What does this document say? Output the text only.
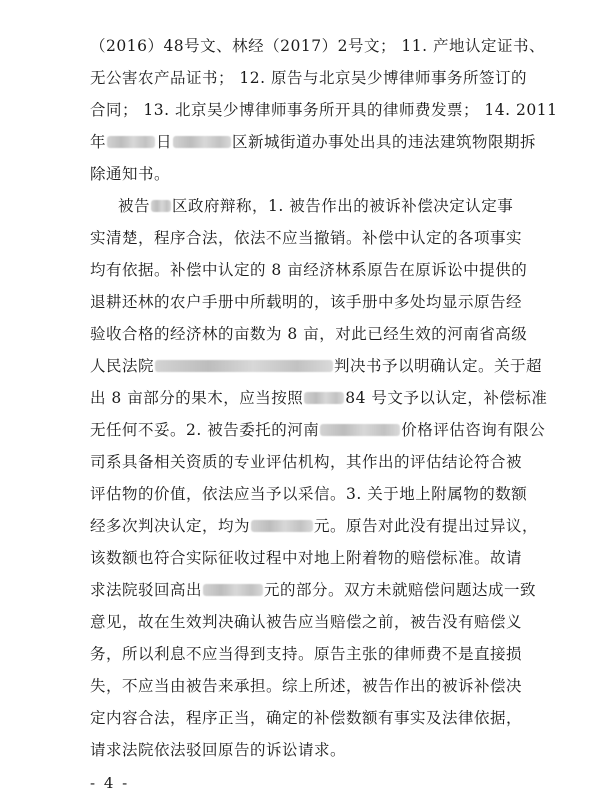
（2016）48号文、林经（2017）2号文； 11. 产地认定证书、
无公害农产品证书； 12. 原告与北京吴少博律师事务所签订的
合同； 13. 北京吴少博律师事务所开具的律师费发票； 14. 2011
年	日	区新城街道办事处出具的违法建筑物限期拆
除通知书。
被告 区政府辩称，1. 被告作出的被诉补偿决定认定事
实清楚，程序合法，依法不应当撤销。补偿中认定的各项事实
均有依据。补偿中认定的 8 亩经济林系原告在原诉讼中提供的
退耕还林的农户手册中所载明的，该手册中多处均显示原告经
验收合格的经济林的亩数为 8 亩，对此已经生效的河南省高级
人民法院	判决书予以明确认定。关于超
出 8 亩部分的果木，应当按照	84 号文予以认定，补偿标准
无任何不妥。2. 被告委托的河南	价格评估咨询有限公
司系具备相关资质的专业评估机构，其作出的评估结论符合被
评估物的价值，依法应当予以采信。3. 关于地上附属物的数额
经多次判决认定，均为	元。原告对此没有提出过异议，
该数额也符合实际征收过程中对地上附着物的赔偿标准。故请
求法院驳回高出	元的部分。双方未就赔偿问题达成一致
意见，故在生效判决确认被告应当赔偿之前，被告没有赔偿义
务，所以利息不应当得到支持。原告主张的律师费不是直接损
失，不应当由被告来承担。综上所述，被告作出的被诉补偿决
定内容合法，程序正当，确定的补偿数额有事实及法律依据，
请求法院依法驳回原告的诉讼请求。
- 4 -
